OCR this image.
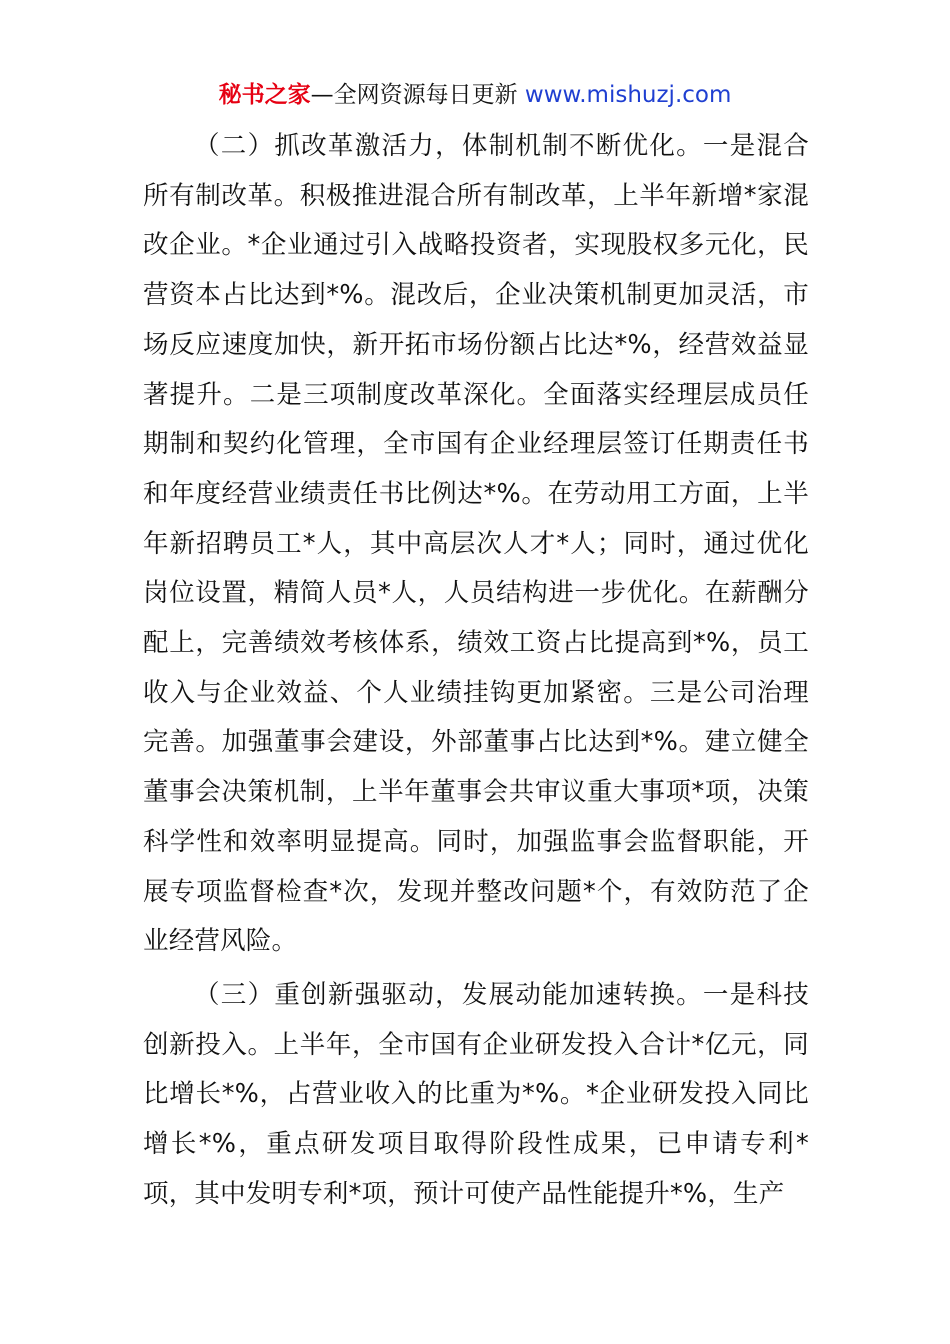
秘书之家—全网资源每日更新 www.mishuzj.com

（二）抓改革激活力，体制机制不断优化。一是混合所有制改革。积极推进混合所有制改革，上半年新增*家混改企业。*企业通过引入战略投资者，实现股权多元化，民营资本占比达到*%。混改后，企业决策机制更加灵活，市场反应速度加快，新开拓市场份额占比达*%，经营效益显著提升。二是三项制度改革深化。全面落实经理层成员任期制和契约化管理，全市国有企业经理层签订任期责任书和年度经营业绩责任书比例达*%。在劳动用工方面，上半年新招聘员工*人，其中高层次人才*人；同时，通过优化岗位设置，精简人员*人，人员结构进一步优化。在薪酬分配上，完善绩效考核体系，绩效工资占比提高到*%，员工收入与企业效益、个人业绩挂钩更加紧密。三是公司治理完善。加强董事会建设，外部董事占比达到*%。建立健全董事会决策机制，上半年董事会共审议重大事项*项，决策科学性和效率明显提高。同时，加强监事会监督职能，开展专项监督检查*次，发现并整改问题*个，有效防范了企业经营风险。

（三）重创新强驱动，发展动能加速转换。一是科技创新投入。上半年，全市国有企业研发投入合计*亿元，同比增长*%，占营业收入的比重为*%。*企业研发投入同比增长*%，重点研发项目取得阶段性成果，已申请专利*项，其中发明专利*项，预计可使产品性能提升*%，生产
